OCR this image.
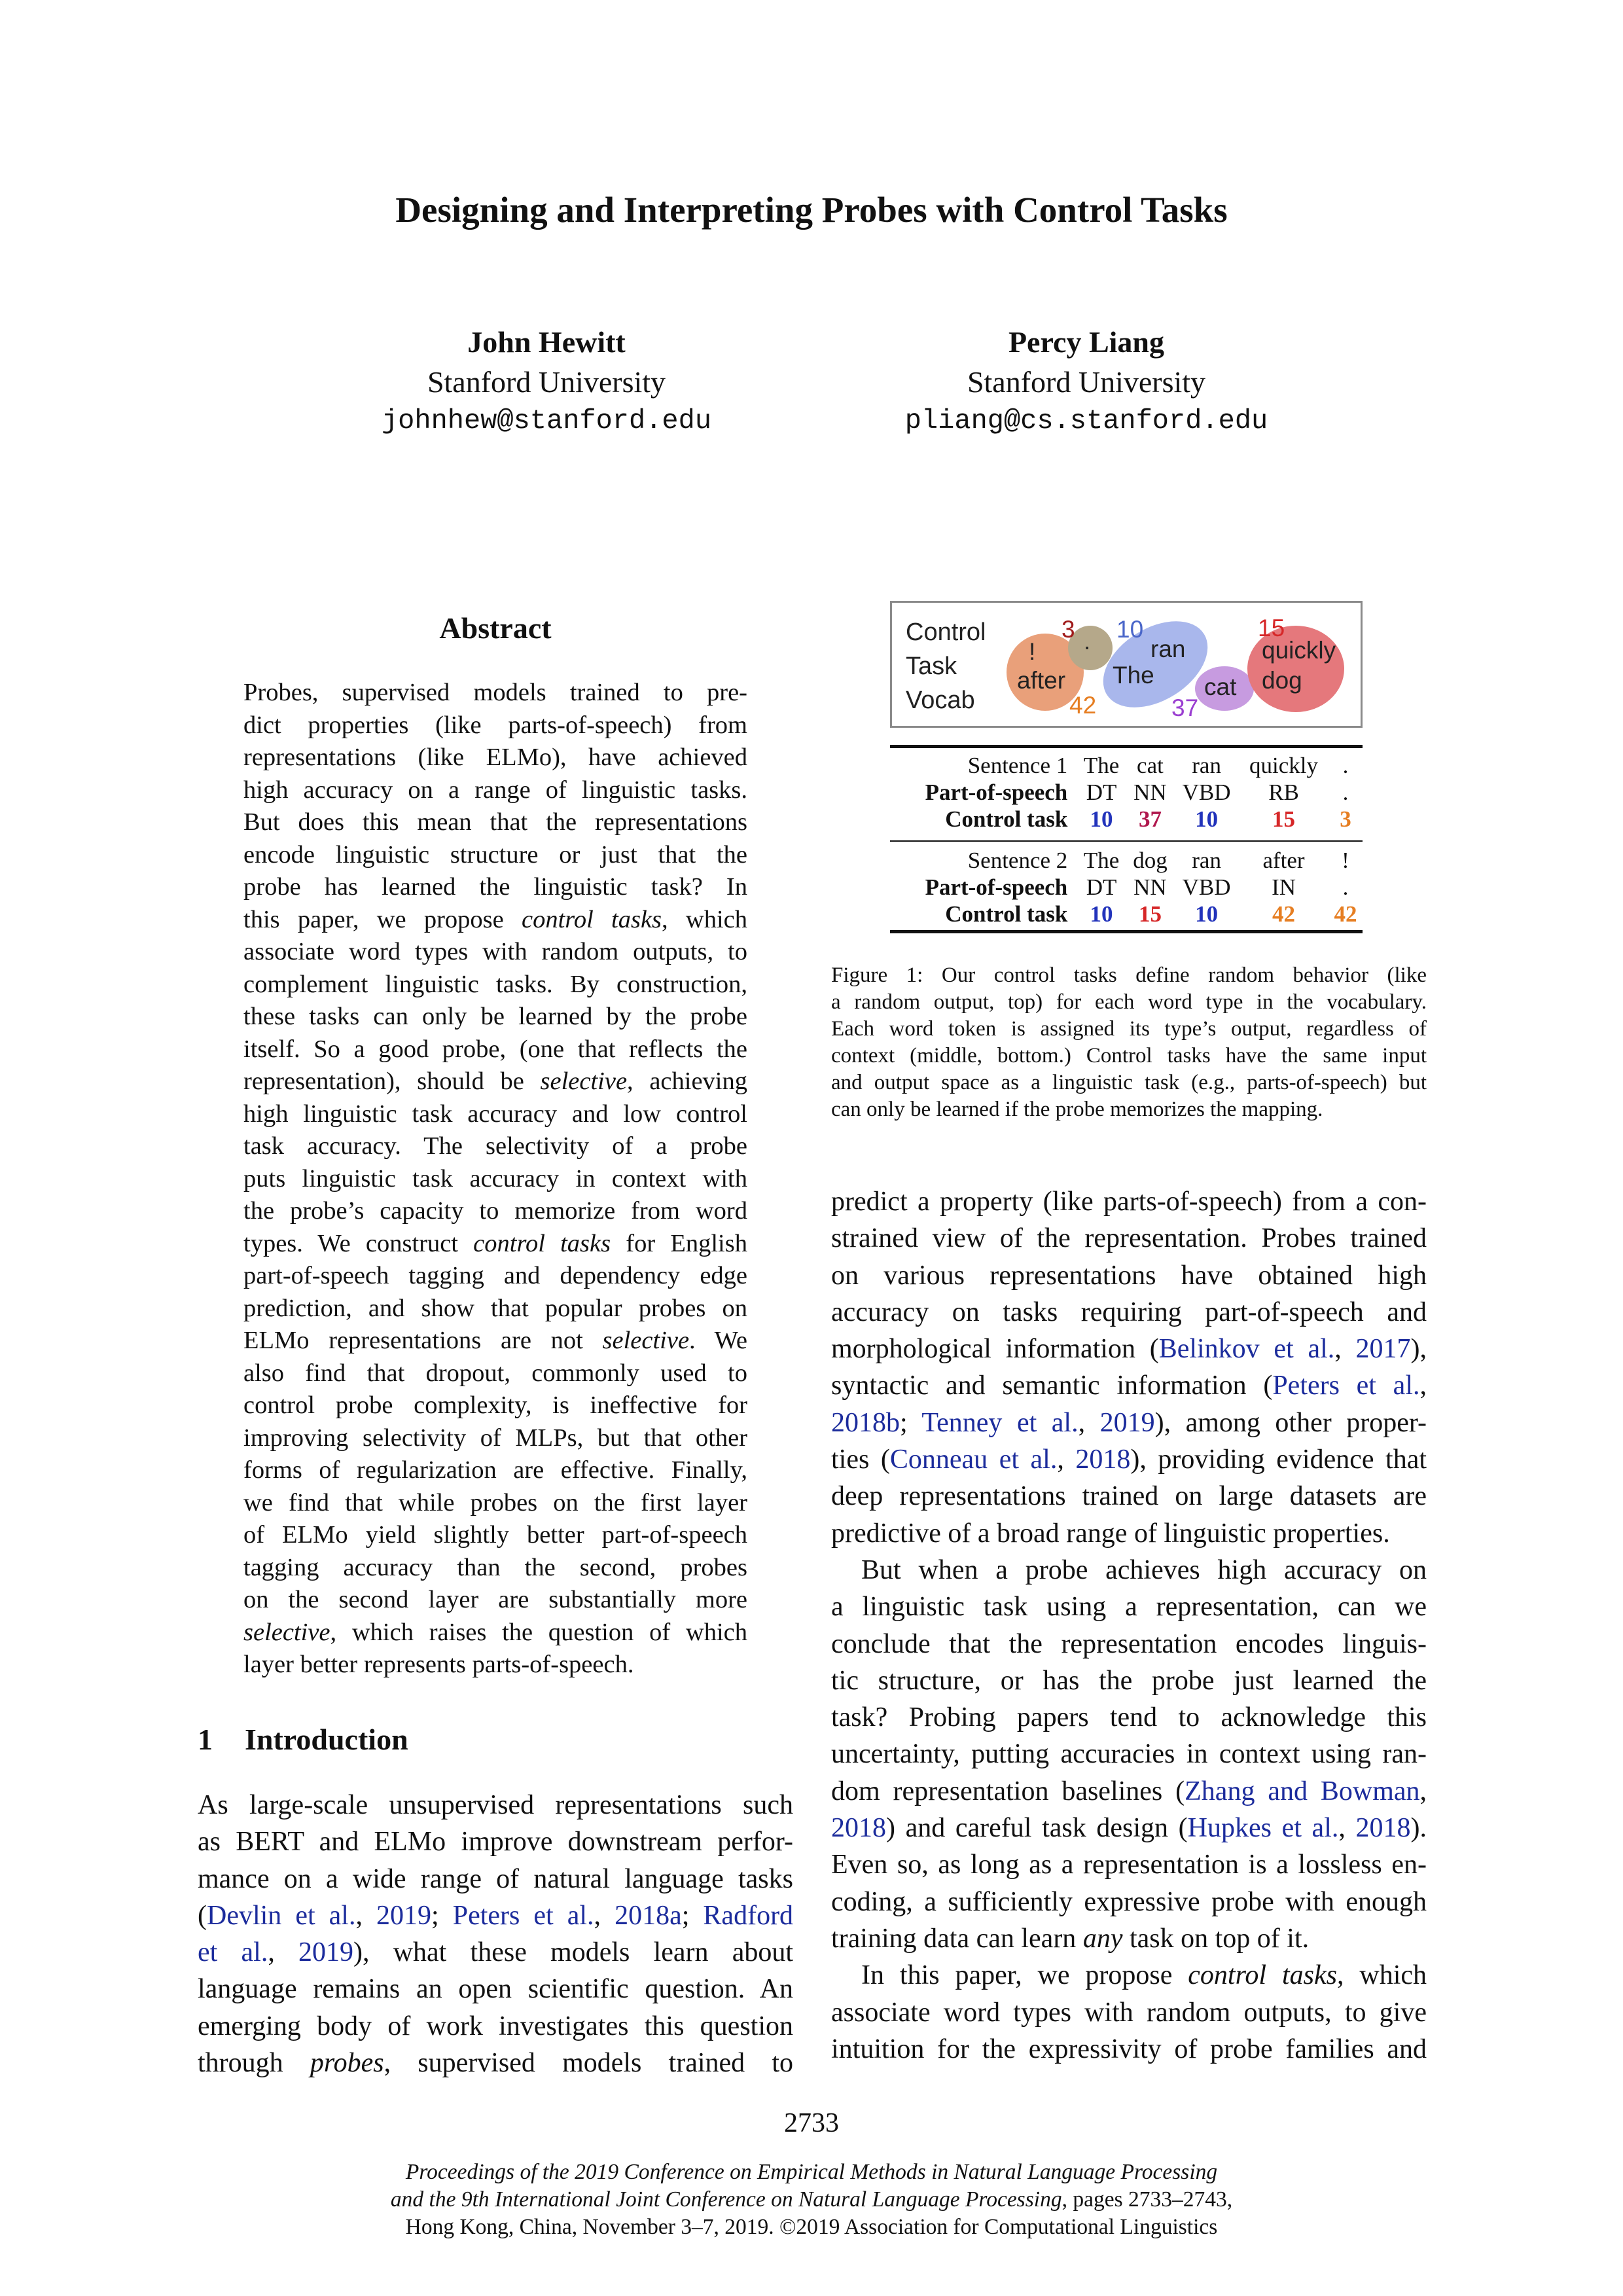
Designing and Interpreting Probes with Control Tasks
John Hewitt
Stanford University
johnhew@stanford.edu
Percy Liang
Stanford University
pliang@cs.stanford.edu
Abstract
Probes, supervised models trained to pre-
dict properties (like parts-of-speech) from
representations (like ELMo), have achieved
high accuracy on a range of linguistic tasks.
But does this mean that the representations
encode linguistic structure or just that the
probe has learned the linguistic task? In
this paper, we propose control tasks, which
associate word types with random outputs, to
complement linguistic tasks. By construction,
these tasks can only be learned by the probe
itself. So a good probe, (one that reflects the
representation), should be selective, achieving
high linguistic task accuracy and low control
task accuracy. The selectivity of a probe
puts linguistic task accuracy in context with
the probe’s capacity to memorize from word
types. We construct control tasks for English
part-of-speech tagging and dependency edge
prediction, and show that popular probes on
ELMo representations are not selective. We
also find that dropout, commonly used to
control probe complexity, is ineffective for
improving selectivity of MLPs, but that other
forms of regularization are effective. Finally,
we find that while probes on the first layer
of ELMo yield slightly better part-of-speech
tagging accuracy than the second, probes
on the second layer are substantially more
selective, which raises the question of which
layer better represents parts-of-speech.
1 Introduction
As large-scale unsupervised representations such
as BERT and ELMo improve downstream perfor-
mance on a wide range of natural language tasks
(Devlin et al., 2019; Peters et al., 2018a; Radford
et al., 2019), what these models learn about
language remains an open scientific question. An
emerging body of work investigates this question
through probes, supervised models trained to
predict a property (like parts-of-speech) from a con-
strained view of the representation. Probes trained
on various representations have obtained high
accuracy on tasks requiring part-of-speech and
morphological information (Belinkov et al., 2017),
syntactic and semantic information (Peters et al.,
2018b; Tenney et al., 2019), among other proper-
ties (Conneau et al., 2018), providing evidence that
deep representations trained on large datasets are
predictive of a broad range of linguistic properties.
But when a probe achieves high accuracy on
a linguistic task using a representation, can we
conclude that the representation encodes linguis-
tic structure, or has the probe just learned the
task? Probing papers tend to acknowledge this
uncertainty, putting accuracies in context using ran-
dom representation baselines (Zhang and Bowman,
2018) and careful task design (Hupkes et al., 2018).
Even so, as long as a representation is a lossless en-
coding, a sufficiently expressive probe with enough
training data can learn any task on top of it.
In this paper, we propose control tasks, which
associate word types with random outputs, to give
intuition for the expressivity of probe families and
Control
Task
Vocab
!
after
42
.
3
ran
The
10
cat
37
quickly
dog
15
Sentence 1	The	cat	ran	quickly	.
Part-of-speech	DT	NN	VBD	RB	.
Control task	10	37	10	15	3
Sentence 2	The	dog	ran	after	!
Part-of-speech	DT	NN	VBD	IN	.
Control task	10	15	10	42	42
Figure 1: Our control tasks define random behavior (like
a random output, top) for each word type in the vocabulary.
Each word token is assigned its type’s output, regardless of
context (middle, bottom.) Control tasks have the same input
and output space as a linguistic task (e.g., parts-of-speech) but
can only be learned if the probe memorizes the mapping.
2733
Proceedings of the 2019 Conference on Empirical Methods in Natural Language Processing
and the 9th International Joint Conference on Natural Language Processing, pages 2733–2743,
Hong Kong, China, November 3–7, 2019. ©2019 Association for Computational Linguistics
